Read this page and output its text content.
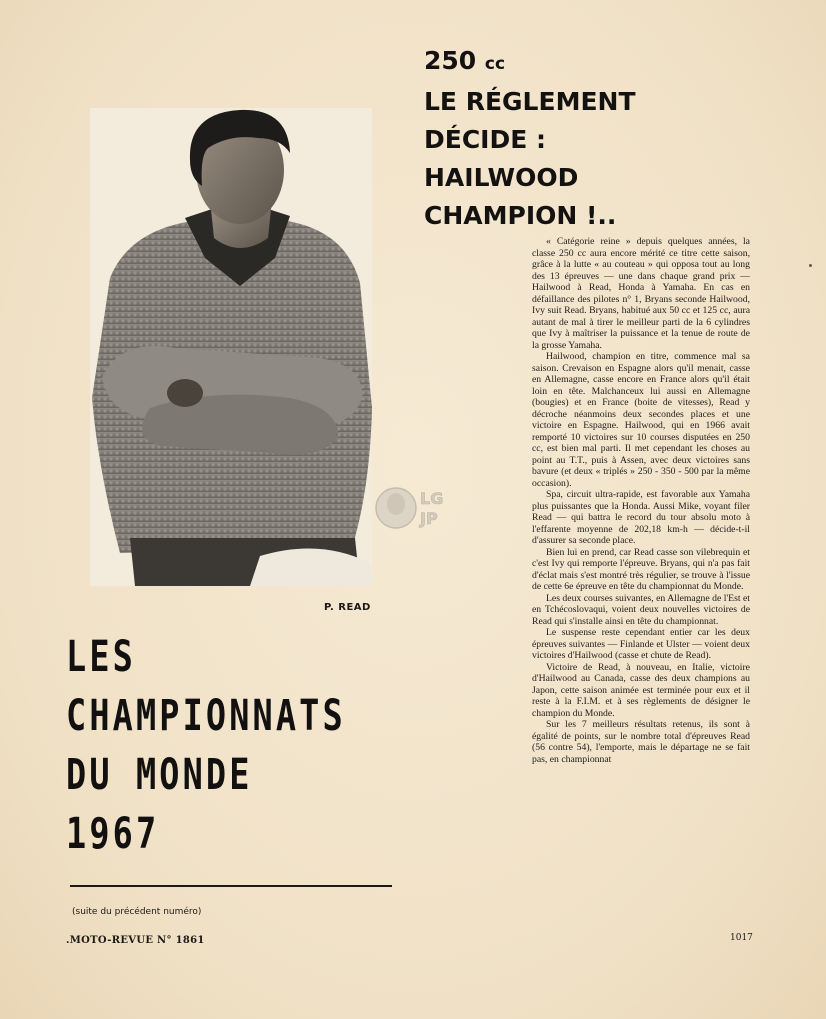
250 cc
LE RÉGLEMENT
DÉCIDE :
HAILWOOD
CHAMPION !..
P. READ
LG
JP
LES
CHAMPIONNATS
DU MONDE
1967
(suite du précédent numéro)
.MOTO-REVUE N° 1861	1017

« Catégorie reine » depuis quelques années, la classe 250 cc aura encore mérité ce titre cette saison, grâce à la lutte « au couteau » qui opposa tout au long des 13 épreuves — une dans chaque grand prix — Hailwood à Read, Honda à Yamaha. En cas en défaillance des pilotes n° 1, Bryans seconde Hailwood, Ivy suit Read. Bryans, habitué aux 50 cc et 125 cc, aura autant de mal à tirer le meilleur parti de la 6 cylindres que Ivy à maîtriser la puissance et la tenue de route de la grosse Yamaha.

Hailwood, champion en titre, commence mal sa saison. Crevaison en Espagne alors qu'il menait, casse en Allemagne, casse encore en France alors qu'il était loin en tête. Malchanceux lui aussi en Allemagne (bougies) et en France (boite de vitesses), Read y décroche néanmoins deux secondes places et une victoire en Espagne. Hailwood, qui en 1966 avait remporté 10 victoires sur 10 courses disputées en 250 cc, est bien mal parti. Il met cependant les choses au point au T.T., puis à Assen, avec deux victoires sans bavure (et deux « triplés » 250 - 350 - 500 par la même occasion).

Spa, circuit ultra-rapide, est favorable aux Yamaha plus puissantes que la Honda. Aussi Mike, voyant filer Read — qui battra le record du tour absolu moto à l'effarente moyenne de 202,18 km-h — décide-t-il d'assurer sa seconde place.

Bien lui en prend, car Read casse son vilebrequin et c'est Ivy qui remporte l'épreuve. Bryans, qui n'a pas fait d'éclat mais s'est montré très régulier, se trouve à l'issue de cette 6e épreuve en tête du championnat du Monde.

Les deux courses suivantes, en Allemagne de l'Est et en Tchécoslovaqui, voient deux nouvelles victoires de Read qui s'installe ainsi en tête du championnat.

Le suspense reste cependant entier car les deux épreuves suivantes — Finlande et Ulster — voient deux victoires d'Hailwood (casse et chute de Read).

Victoire de Read, à nouveau, en Italie, victoire d'Hailwood au Canada, casse des deux champions au Japon, cette saison animée est terminée pour eux et il reste à la F.I.M. et à ses règlements de désigner le champion du Monde.

Sur les 7 meilleurs résultats retenus, ils sont à égalité de points, sur le nombre total d'épreuves Read (56 contre 54), l'emporte, mais le départage ne se fait pas, en championnat
